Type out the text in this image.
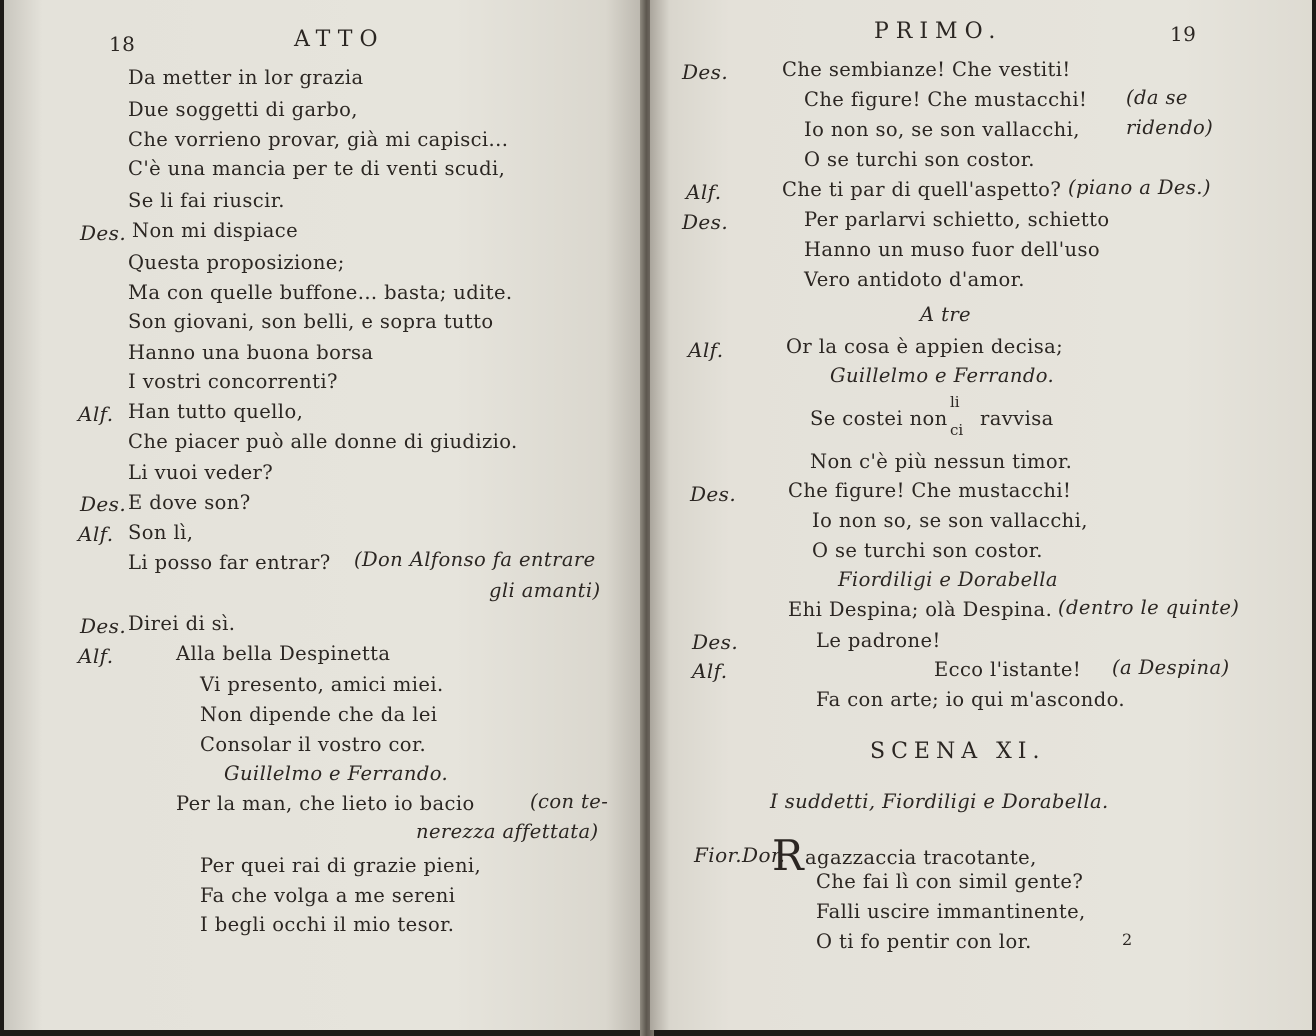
18	ATTO
Da metter in lor grazia
Due soggetti di garbo,
Che vorrieno provar, già mi capisci...
C'è una mancia per te di venti scudi,
Se li fai riuscir.
Des. Non mi dispiace
Questa proposizione;
Ma con quelle buffone... basta; udite.
Son giovani, son belli, e sopra tutto
Hanno una buona borsa
I vostri concorrenti?
Alf. Han tutto quello,
Che piacer può alle donne di giudizio.
Li vuoi veder?
Des. E dove son?
Alf. Son lì,
Li posso far entrar? (Don Alfonso fa entrare
gli amanti)
Des. Direi di sì.
Alf.	Alla bella Despinetta
Vi presento, amici miei.
Non dipende che da lei
Consolar il vostro cor.
Guillelmo e Ferrando.
Per la man, che lieto io bacio	(con te-
nerezza affettata)
Per quei rai di grazie pieni,
Fa che volga a me sereni
I begli occhi il mio tesor.
PRIMO.	19
Des.	Che sembianze! Che vestiti!
Che figure! Che mustacchi! (da se
Io non so, se son vallacchi, ridendo)
O se turchi son costor.
Alf.	Che ti par di quell'aspetto? (piano a Des.)
Des.	Per parlarvi schietto, schietto
Hanno un muso fuor dell'uso
Vero antidoto d'amor.
A tre
Alf.	Or la cosa è appien decisa;
Guillelmo e Ferrando.
Se costei non
li
ci ravvisa
Non c'è più nessun timor.
Des.	Che figure! Che mustacchi!
Io non so, se son vallacchi,
O se turchi son costor.
Fiordiligi e Dorabella
Ehi Despina; olà Despina. (dentro le quinte)
Des.	Le padrone!
Alf.	Ecco l'istante! (a Despina)
Fa con arte; io qui m'ascondo.
SCENA XI.
I suddetti, Fiordiligi e Dorabella.
Fior.Dor.
Ragazzaccia tracotante,
Che fai lì con simil gente?
Falli uscire immantinente,
O ti fo pentir con lor.	2
